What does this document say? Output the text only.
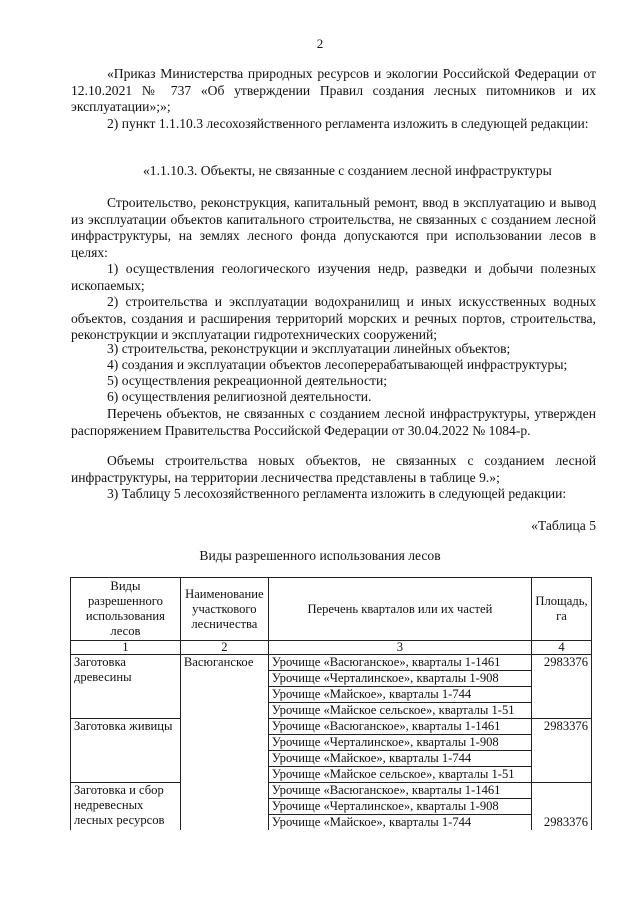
2

«Приказ Министерства природных ресурсов и экологии Российской Федерации от 12.10.2021 № 737 «Об утверждении Правил создания лесных питомников и их эксплуатации»;»;

2) пункт 1.1.10.3 лесохозяйственного регламента изложить в следующей редакции:

«1.1.10.3. Объекты, не связанные с созданием лесной инфраструктуры

Строительство, реконструкция, капитальный ремонт, ввод в эксплуатацию и вывод из эксплуатации объектов капитального строительства, не связанных с созданием лесной инфраструктуры, на землях лесного фонда допускаются при использовании лесов в целях:

1) осуществления геологического изучения недр, разведки и добычи полезных ископаемых;

2) строительства и эксплуатации водохранилищ и иных искусственных водных объектов, создания и расширения территорий морских и речных портов, строительства, реконструкции и эксплуатации гидротехнических сооружений;

3) строительства, реконструкции и эксплуатации линейных объектов;

4) создания и эксплуатации объектов лесоперерабатывающей инфраструктуры;

5) осуществления рекреационной деятельности;

6) осуществления религиозной деятельности.

Перечень объектов, не связанных с созданием лесной инфраструктуры, утвержден распоряжением Правительства Российской Федерации от 30.04.2022 № 1084-р.

Объемы строительства новых объектов, не связанных с созданием лесной инфраструктуры, на территории лесничества представлены в таблице 9.»;

3) Таблицу 5 лесохозяйственного регламента изложить в следующей редакции:

«Таблица 5
Виды разрешенного использования лесов
Виды разрешенного использования лесов	Наименование участкового лесничества	Перечень кварталов или их частей	Площадь, га
1	2	3	4
Заготовка древесины	Васюганское	Урочище «Васюганское», кварталы 1-1461	2983376
		Урочище «Черталинское», кварталы 1-908	
		Урочище «Майское», кварталы 1-744	
		Урочище «Майское сельское», кварталы 1-51	
Заготовка живицы		Урочище «Васюганское», кварталы 1-1461	2983376
		Урочище «Черталинское», кварталы 1-908	
		Урочище «Майское», кварталы 1-744	
		Урочище «Майское сельское», кварталы 1-51	
Заготовка и сбор недревесных лесных ресурсов		Урочище «Васюганское», кварталы 1-1461	2983376
		Урочище «Черталинское», кварталы 1-908	
		Урочище «Майское», кварталы 1-744	
